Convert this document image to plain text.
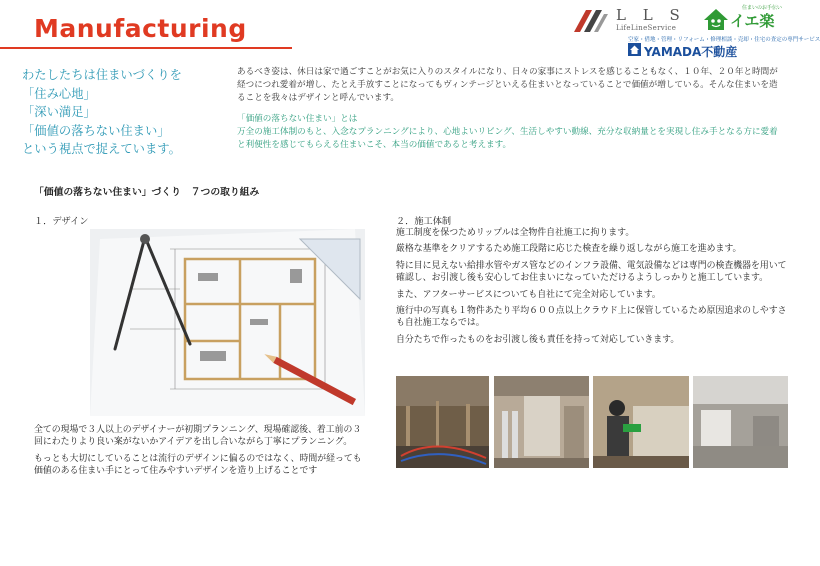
Manufacturing	L L S
LifeLineService
住まいのお手伝い
イエ楽
空家・借地・管理・リフォーム・修理相談・売却・住宅の査定の専門サービス
YAMADA不動産
わたしたちは住まいづくりを
「住み心地」
「深い満足」
「価値の落ちない住まい」
という視点で捉えています。
あるべき姿は、休日は家で過ごすことがお気に入りのスタイルになり、日々の家事にストレスを感じることもなく、１０年、２０年と時間が経つにつれ愛着が増し、たとえ手放すことになってもヴィンテージといえる住まいとなっていることで価値が増している。そんな住まいを造ることを我々はデザインと呼んでいます。
「価値の落ちない住まい」とは
万全の施工体制のもと、入念なプランニングにより、心地よいリビング、生活しやすい動線、充分な収納量とを実現し住み手となる方に愛着と利便性を感じてもらえる住まいこそ、本当の価値であると考えます。
「価値の落ちない住まい」づくり　７つの取り組み
１．デザイン	２．施工体制

施工制度を保つためリップルは全物件自社施工に拘ります。

厳格な基準をクリアするため施工段階に応じた検査を繰り返しながら施工を進めます。

特に目に見えない給排水管やガス管などのインフラ設備、電気設備などは専門の検査機器を用いて確認し、お引渡し後も安心してお住まいになっていただけるようしっかりと施工しています。

また、アフターサービスについても自社にて完全対応しています。

施行中の写真も１物件あたり平均６００点以上クラウド上に保管しているため原因追求のしやすさも自社施工ならでは。

自分たちで作ったものをお引渡し後も責任を持って対応していきます。

全ての現場で３人以上のデザイナーが初期プランニング、現場確認後、着工前の３回にわたりより良い案がないかアイデアを出し合いながら丁寧にプランニング。

もっとも大切にしていることは流行のデザインに偏るのではなく、時間が経っても価値のある住まい手にとって住みやすいデザインを造り上げることです
